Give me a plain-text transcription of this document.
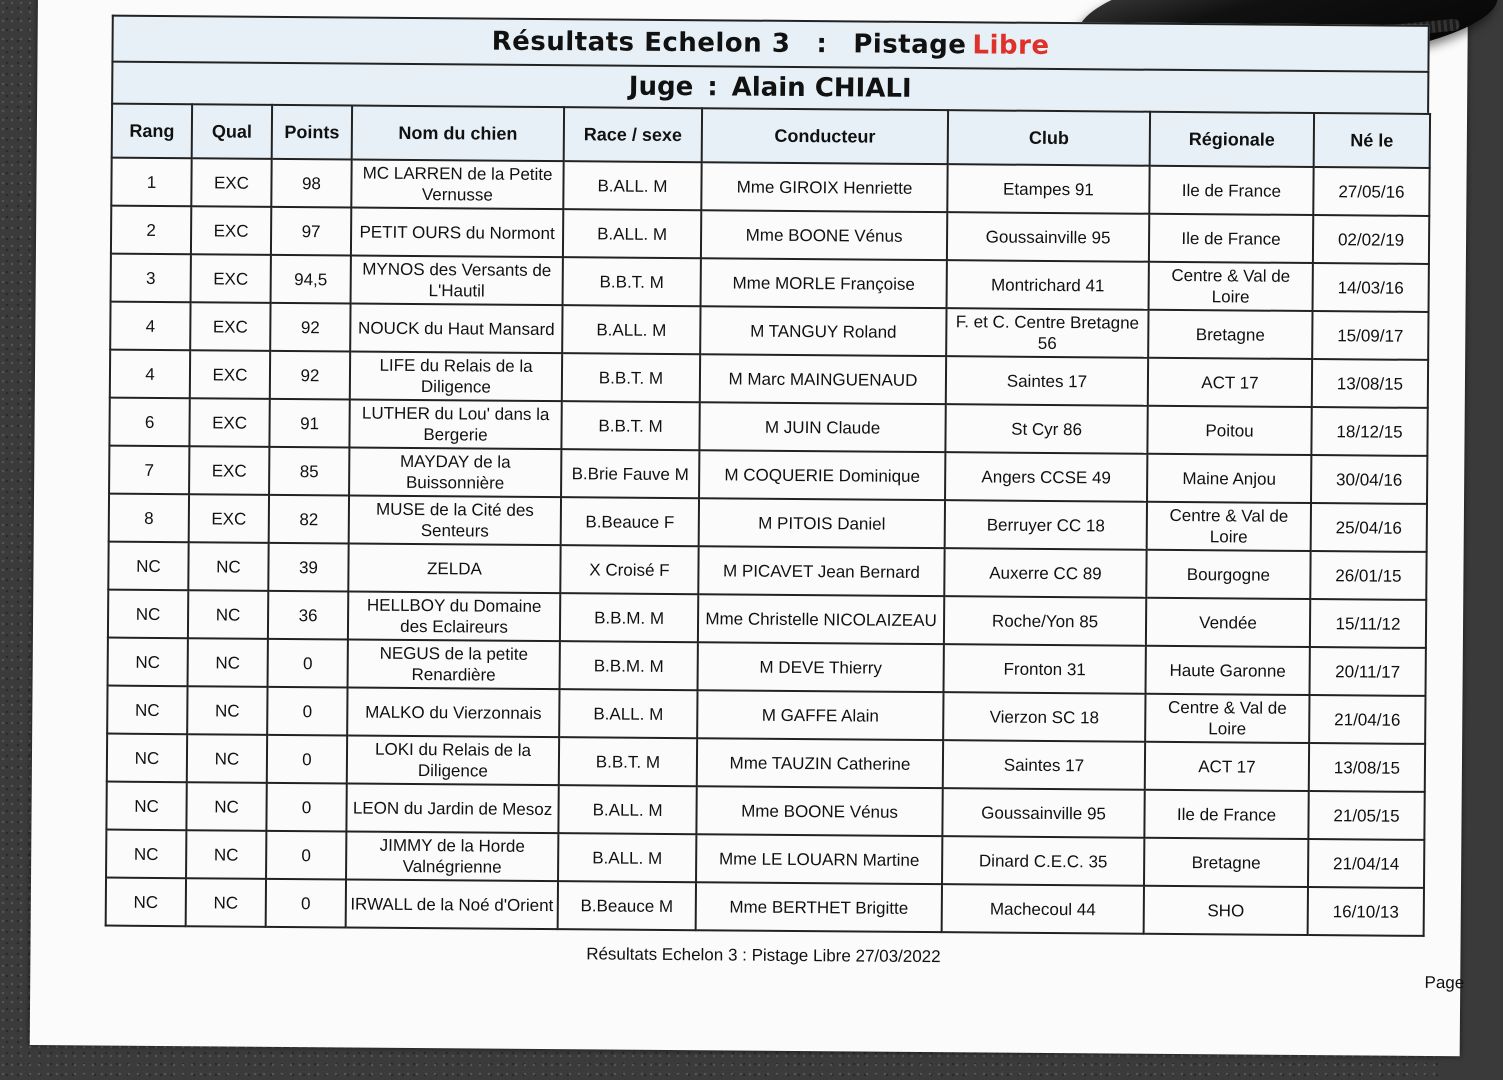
Résultats Echelon 3 : Pistage Libre
Juge : Alain CHIALI
Rang	Qual	Points	Nom du chien	Race / sexe	Conducteur	Club	Régionale	Né le
1	EXC	98	MC LARREN de la Petite Vernusse	B.ALL. M	Mme GIROIX Henriette	Etampes 91	Ile de France	27/05/16
2	EXC	97	PETIT OURS du Normont	B.ALL. M	Mme BOONE Vénus	Goussainville 95	Ile de France	02/02/19
3	EXC	94,5	MYNOS des Versants de L'Hautil	B.B.T. M	Mme MORLE Françoise	Montrichard 41	Centre & Val de Loire	14/03/16
4	EXC	92	NOUCK du Haut Mansard	B.ALL. M	M TANGUY Roland	F. et C. Centre Bretagne 56	Bretagne	15/09/17
4	EXC	92	LIFE du Relais de la Diligence	B.B.T. M	M Marc MAINGUENAUD	Saintes 17	ACT 17	13/08/15
6	EXC	91	LUTHER du Lou' dans la Bergerie	B.B.T. M	M JUIN Claude	St Cyr 86	Poitou	18/12/15
7	EXC	85	MAYDAY de la Buissonnière	B.Brie Fauve M	M COQUERIE Dominique	Angers CCSE 49	Maine Anjou	30/04/16
8	EXC	82	MUSE de la Cité des Senteurs	B.Beauce F	M PITOIS Daniel	Berruyer CC 18	Centre & Val de Loire	25/04/16
NC	NC	39	ZELDA	X Croisé F	M PICAVET Jean Bernard	Auxerre CC 89	Bourgogne	26/01/15
NC	NC	36	HELLBOY du Domaine des Eclaireurs	B.B.M. M	Mme Christelle NICOLAIZEAU	Roche/Yon 85	Vendée	15/11/12
NC	NC	0	NEGUS de la petite Renardière	B.B.M. M	M DEVE Thierry	Fronton 31	Haute Garonne	20/11/17
NC	NC	0	MALKO du Vierzonnais	B.ALL. M	M GAFFE Alain	Vierzon SC 18	Centre & Val de Loire	21/04/16
NC	NC	0	LOKI du Relais de la Diligence	B.B.T. M	Mme TAUZIN Catherine	Saintes 17	ACT 17	13/08/15
NC	NC	0	LEON du Jardin de Mesoz	B.ALL. M	Mme BOONE Vénus	Goussainville 95	Ile de France	21/05/15
NC	NC	0	JIMMY de la Horde Valnégrienne	B.ALL. M	Mme LE LOUARN Martine	Dinard C.E.C. 35	Bretagne	21/04/14
NC	NC	0	IRWALL de la Noé d'Orient	B.Beauce M	Mme BERTHET Brigitte	Machecoul 44	SHO	16/10/13
Résultats Echelon 3 : Pistage Libre 27/03/2022
Page
